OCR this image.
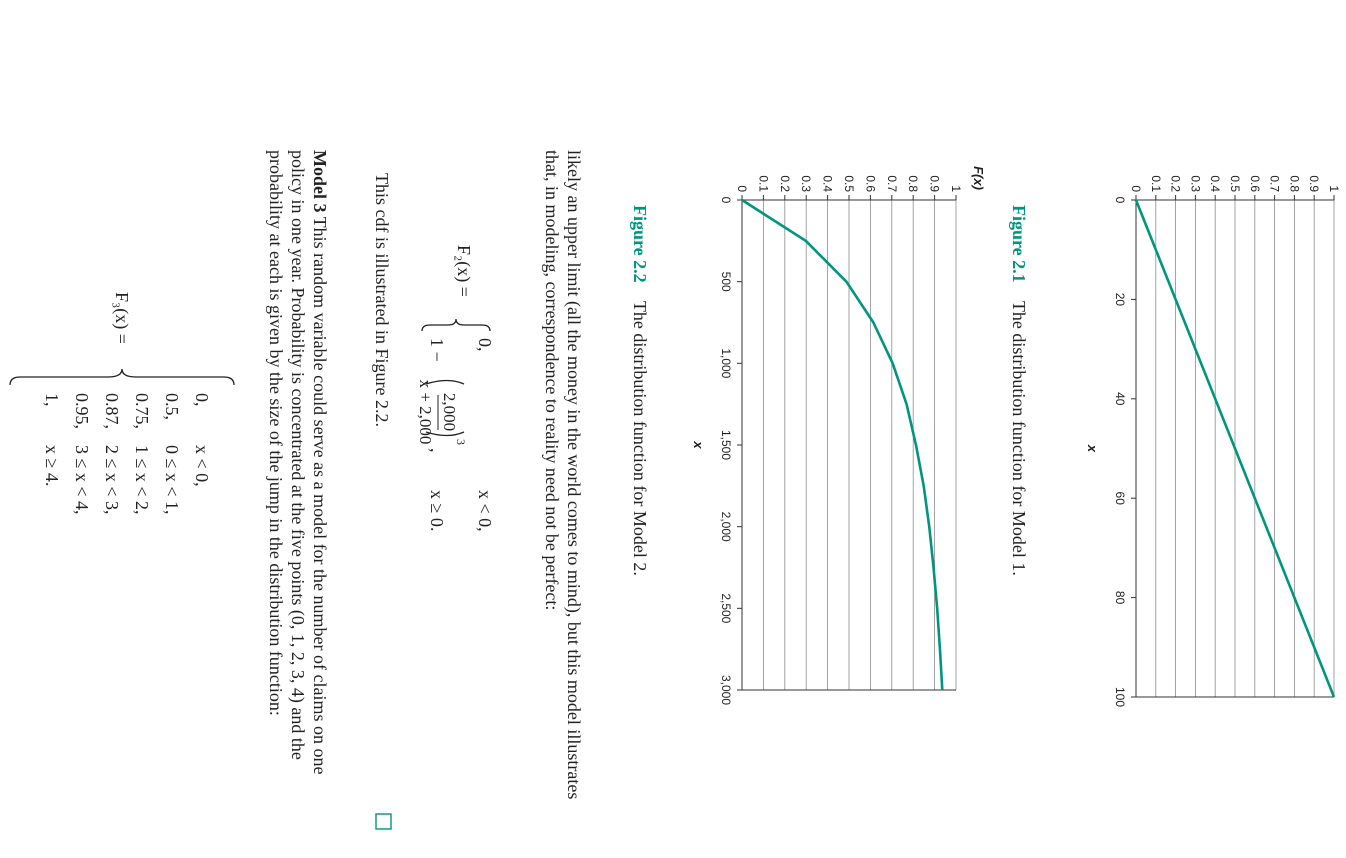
0 0.1 0.2 0.3 0.4 0.5 0.6 0.7 0.8 0.9 1
0
20
40
60
80
100
x
Figure 2.1 The distribution function for Model 1.
0 0.1 0.2 0.3 0.4 0.5 0.6 0.7 0.8 0.9 1
0
500
1,000
1,500
2,000
2,500
3,000
F(x)
x
Figure 2.2 The distribution function for Model 2.
likely an upper limit (all the money in the world comes to mind), but this model illustrates
that, in modeling, correspondence to reality need not be perfect:
F₂(x) =
0,
x < 0,
1 −
2,000
x + 2,000 3
,
x ≥ 0.
This cdf is illustrated in Figure 2.2.
Model 3 This random variable could serve as a model for the number of claims on one
policy in one year. Probability is concentrated at the five points (0, 1, 2, 3, 4) and the
probability at each is given by the size of the jump in the distribution function:
F₃(x) =
0,
x < 0,
0.5,
0 ≤ x < 1,
0.75,
1 ≤ x < 2,
0.87,
2 ≤ x < 3,
0.95,
3 ≤ x < 4,
1,
x ≥ 4.
